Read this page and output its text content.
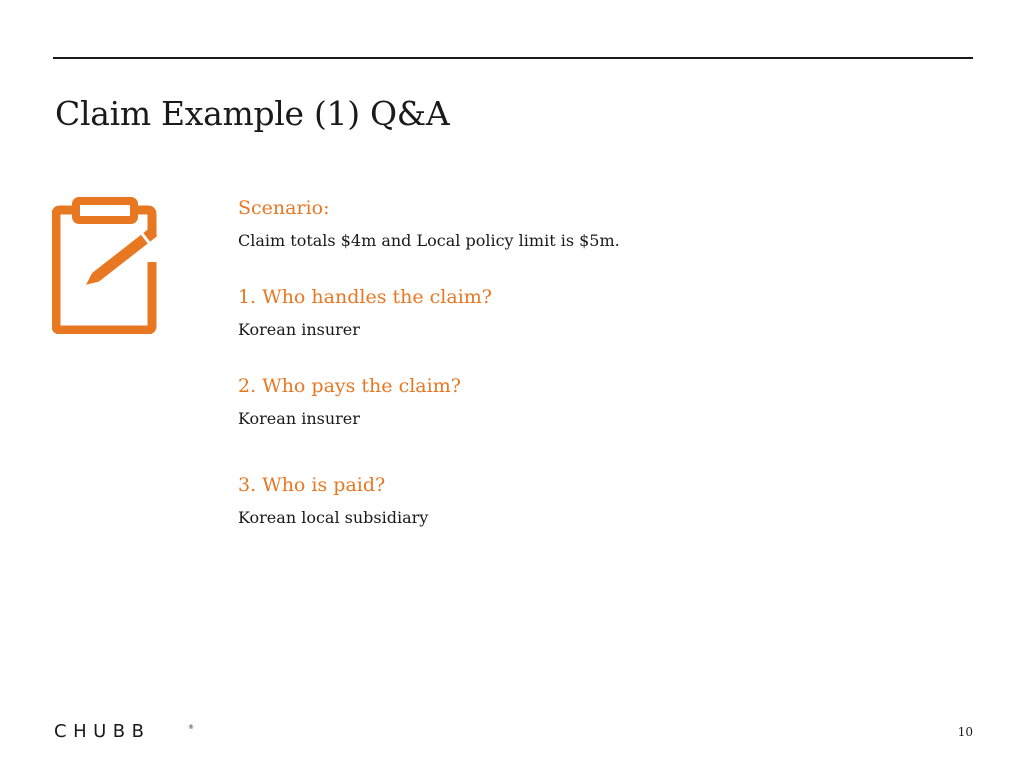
Claim Example (1) Q&A

Scenario:

Claim totals $4m and Local policy limit is $5m.

1. Who handles the claim?

Korean insurer

2. Who pays the claim?

Korean insurer

3. Who is paid?

Korean local subsidiary

CHUBB	®	10
